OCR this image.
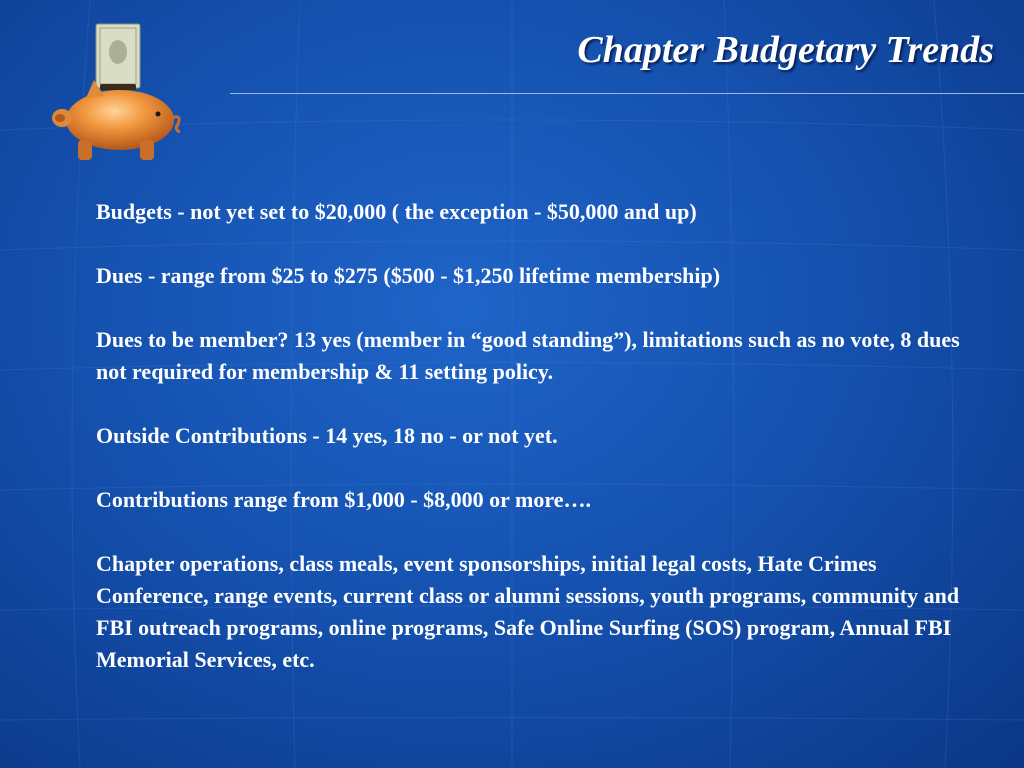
Chapter Budgetary Trends

Budgets - not yet set to $20,000 ( the exception - $50,000 and up)

Dues - range from $25 to $275 ($500 - $1,250 lifetime membership)

Dues to be member? 13 yes (member in “good standing”), limitations such as no vote, 8 dues not required for membership & 11 setting policy.

Outside Contributions - 14 yes, 18 no - or not yet.

Contributions range from $1,000 - $8,000 or more….

Chapter operations, class meals, event sponsorships, initial legal costs, Hate Crimes Conference, range events, current class or alumni sessions, youth programs, community and FBI outreach programs, online programs, Safe Online Surfing (SOS) program, Annual FBI Memorial Services, etc.
